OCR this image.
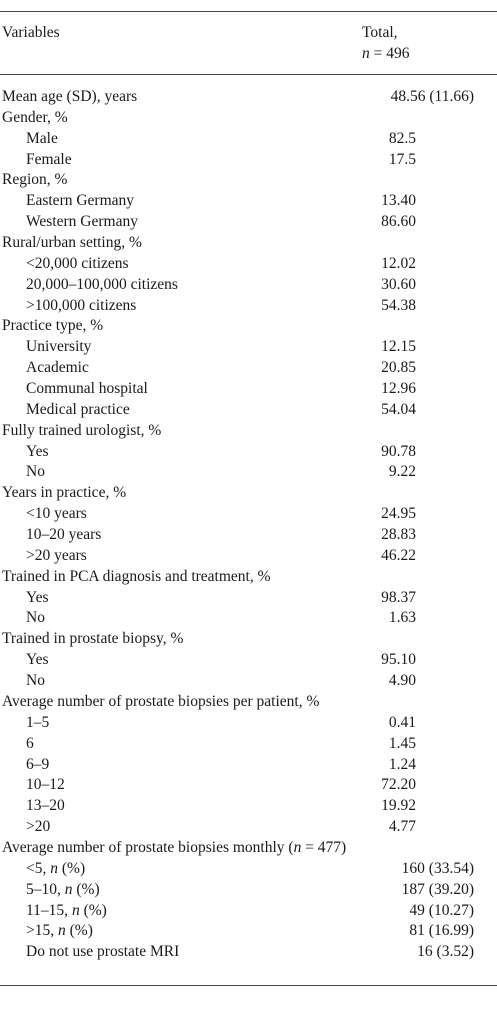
Variables	Total,
n = 496
Mean age (SD), years	48.56 (11.66)
Gender, %
Male	82.5
Female	17.5
Region, %
Eastern Germany	13.40
Western Germany	86.60
Rural/urban setting, %
<20,000 citizens	12.02
20,000–100,000 citizens	30.60
>100,000 citizens	54.38
Practice type, %
University	12.15
Academic	20.85
Communal hospital	12.96
Medical practice	54.04
Fully trained urologist, %
Yes	90.78
No	9.22
Years in practice, %
<10 years	24.95
10–20 years	28.83
>20 years	46.22
Trained in PCA diagnosis and treatment, %
Yes	98.37
No	1.63
Trained in prostate biopsy, %
Yes	95.10
No	4.90
Average number of prostate biopsies per patient, %
1–5	0.41
6	1.45
6–9	1.24
10–12	72.20
13–20	19.92
>20	4.77
Average number of prostate biopsies monthly (n = 477)
<5, n (%)	160 (33.54)
5–10, n (%)	187 (39.20)
11–15, n (%)	49 (10.27)
>15, n (%)	81 (16.99)
Do not use prostate MRI	16 (3.52)
